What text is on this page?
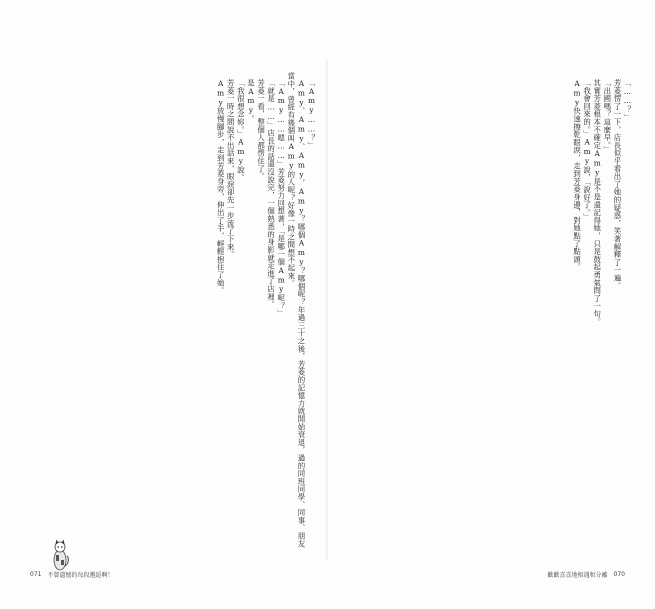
「Amy……？」

Amy、Amy、Amy，Amy？哪個Amy？哪個呢？年過三十之後，芳菱的記憶力就開始衰退，過的同班同學、同事、朋友當中，曾經有幾個叫Amy的人呢？好像一時之間想不起來。

「Amy……嗯……」芳菱努力回想著，「是哪一個Amy呢？」

「就是……」店長的話還沒說完，一個熟悉的身影就走進了店裡。

芳菱一看，整個人都愣住了。

是Amy。

「我很想念妳。」Amy說。

芳菱一時之間說不出話來，眼淚卻先一步流了下來。

Amy放慢腳步，走到芳菱身旁，伸出了手，輕輕抱住了她。

071 不曾遺憾的每段邂逅啊！

「……？」

芳菱愣了一下，店長似乎看出了她的疑惑，笑著解釋了一遍。

「出國嗎？這麼早。」

其實芳菱根本不確定Amy是不是還記得她，只是鼓起勇氣問了一句。

「我會回來的。」Amy說，「說好了。」

Amy快速擦乾眼淚，走到芳菱身邊，對她點了點頭。

歡歡喜喜地相遇和分離 070
